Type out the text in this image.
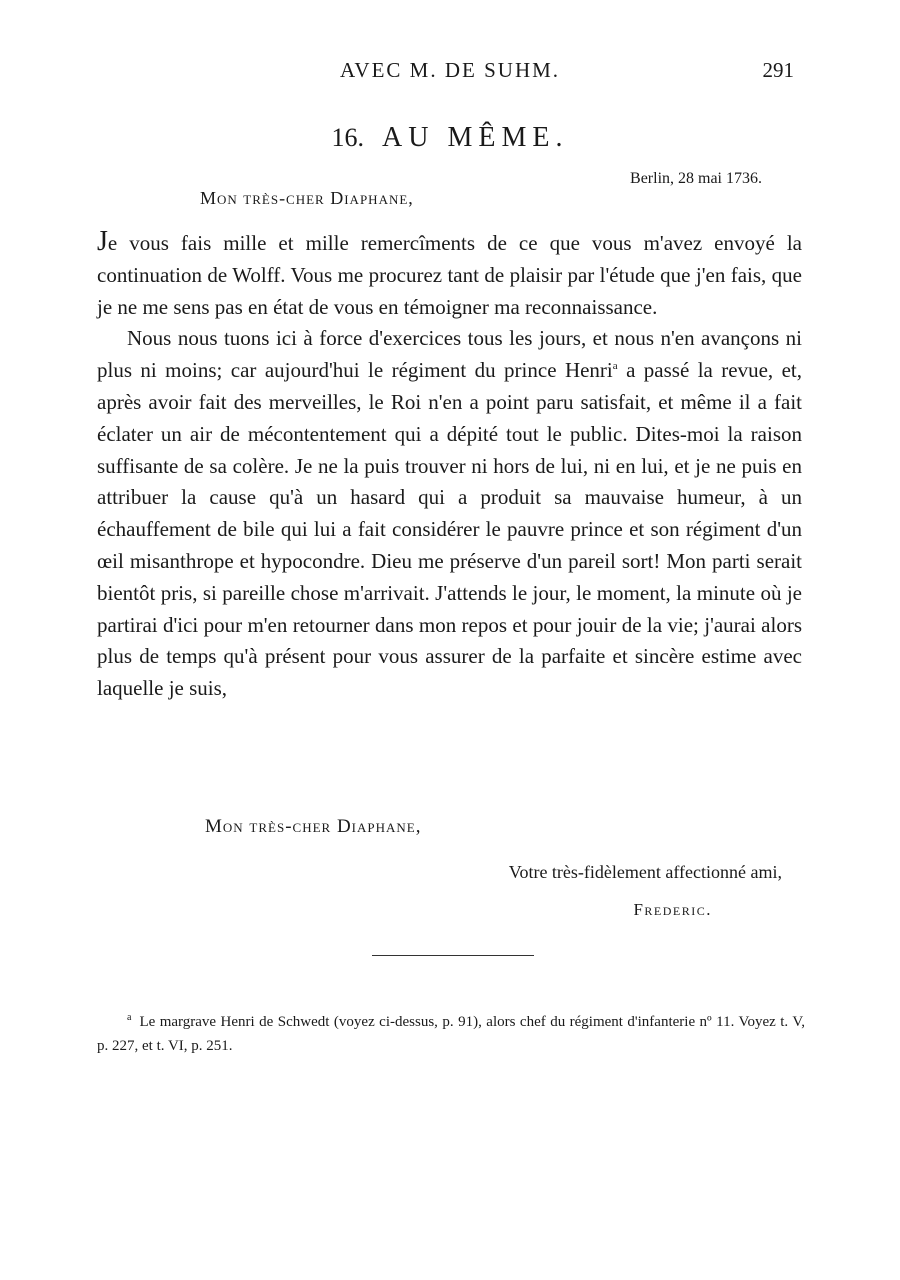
AVEC M. DE SUHM.	291
16. AU MÊME.
Berlin, 28 mai 1736.
Mon très-cher Diaphane,

Je vous fais mille et mille remercîments de ce que vous m'avez envoyé la continuation de Wolff. Vous me procurez tant de plaisir par l'étude que j'en fais, que je ne me sens pas en état de vous en témoigner ma reconnaissance.

Nous nous tuons ici à force d'exercices tous les jours, et nous n'en avançons ni plus ni moins; car aujourd'hui le régiment du prince Henri$^a$ a passé la revue, et, après avoir fait des merveilles, le Roi n'en a point paru satisfait, et même il a fait éclater un air de mécontentement qui a dépité tout le public. Dites-moi la raison suffisante de sa colère. Je ne la puis trouver ni hors de lui, ni en lui, et je ne puis en attribuer la cause qu'à un hasard qui a produit sa mauvaise humeur, à un échauffement de bile qui lui a fait considérer le pauvre prince et son régiment d'un œil misanthrope et hypocondre. Dieu me préserve d'un pareil sort! Mon parti serait bientôt pris, si pareille chose m'arrivait. J'attends le jour, le moment, la minute où je partirai d'ici pour m'en retourner dans mon repos et pour jouir de la vie; j'aurai alors plus de temps qu'à présent pour vous assurer de la parfaite et sincère estime avec laquelle je suis,

Mon très-cher Diaphane,
Votre très-fidèlement affectionné ami,
Frederic.
$^a$ Le margrave Henri de Schwedt (voyez ci-dessus, p. 91), alors chef du régiment d'infanterie nº 11. Voyez t. V, p. 227, et t. VI, p. 251.
